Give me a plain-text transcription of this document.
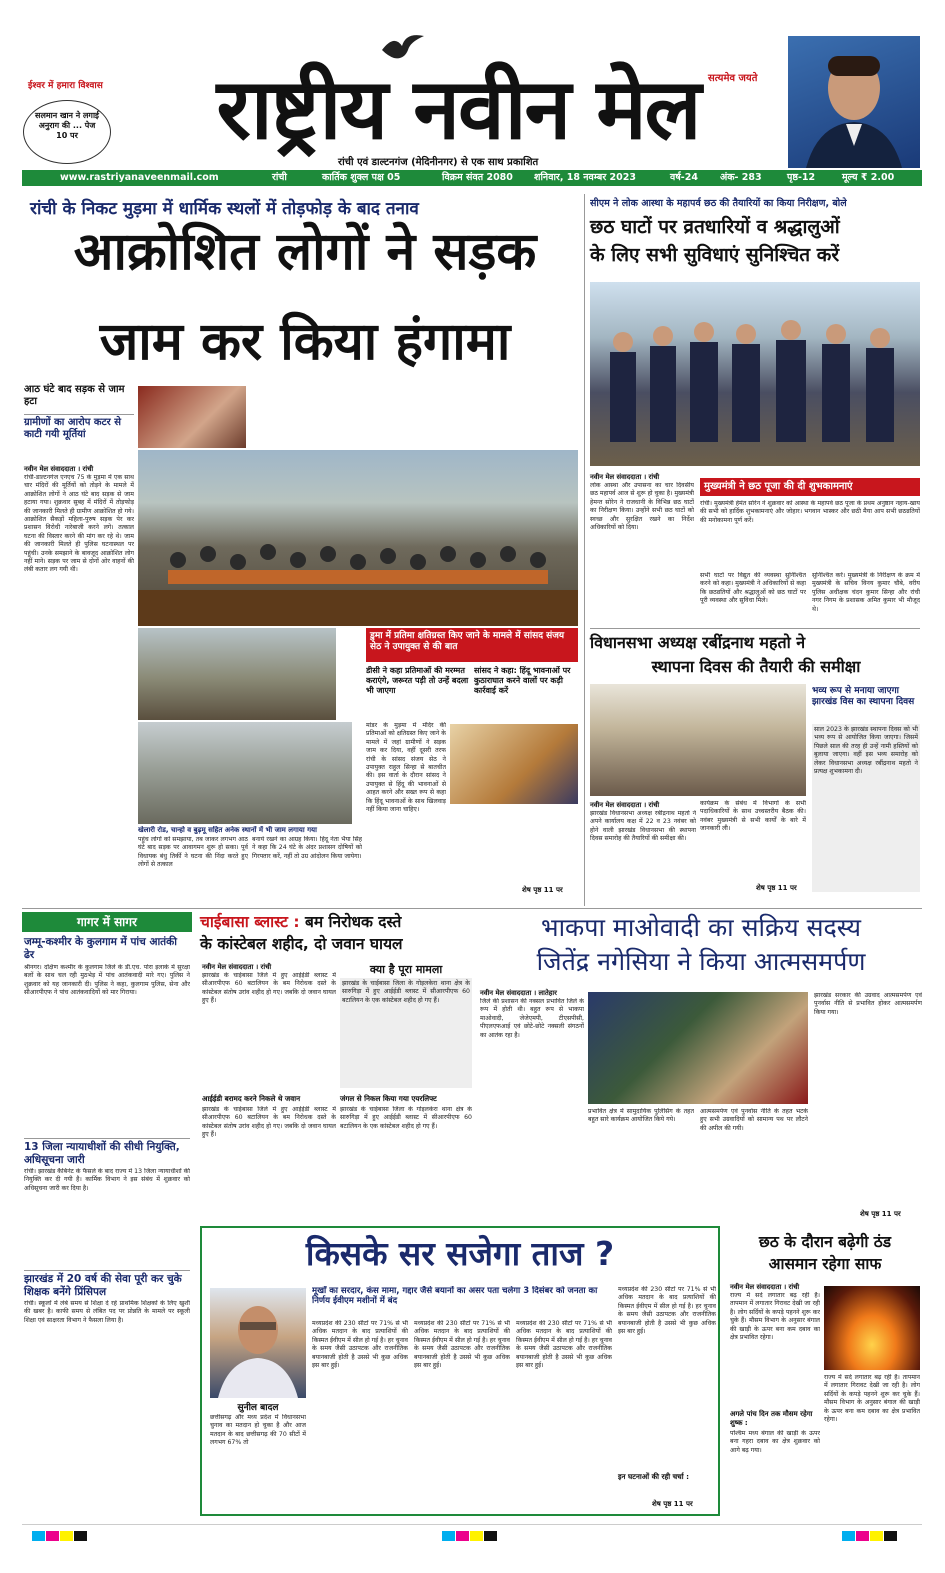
सलमान खान ने लगाई अनुराग की ... पेज 10 पर
ईश्वर में हमारा विश्वास	राष्ट्रीय नवीन मेल सत्यमेव जयते
रांची एवं डाल्टनगंज (मेदिनीनगर) से एक साथ प्रकाशित
www.rastriyanaveenmail.com	रांची	कार्तिक शुक्ल पक्ष 05	विक्रम संवत 2080 शनिवार, 18 नवम्बर 2023	वर्ष-24 अंक- 283	पृष्ठ-12	मूल्य ₹ 2.00
रांची के निकट मुड़मा में धार्मिक स्थलों में तोड़फोड़ के बाद तनाव
आक्रोशित लोगों ने सड़क
जाम कर किया हंगामा
आठ घंटे बाद सड़क से जाम हटा
ग्रामीणों का आरोप कटर से काटी गयी मूर्तियां
नवीन मेल संवाददाता । रांची
रांची-डाल्टनगंज एनएच 75 के मुड़मा में एक साथ चार मंदिरों की मूर्तियों को तोड़ने के मामले में आक्रोशित लोगों ने आठ घंटे बाद सड़क से जाम हटाया गया। शुक्रवार सुबह में मंदिरों में तोड़फोड़ की जानकारी मिलते ही ग्रामीण आक्रोशित हो गये। आक्रोशित सैकड़ों महिला-पुरुष सड़क पेर कर प्रशासन विरोधी नारेबाजी करने लगे। तत्काल घटना की विस्तार करने की मांग कर रहे थे। जाम की जानकारी मिलते ही पुलिस घटनास्थल पर पहुंची। उनके समझाने के बावजूद आक्रोशित लोग नहीं माने। सड़क पर जाम से दोनों ओर वाहनों की लंबी कतार लग गयी थी।
खेलारी रोड, चान्हो व बुढ़मू सहित अनेक स्थानों में भी जाम लगाया गया
पहुंच लोगों को समझाया, तब जाकर लगभग आठ घंटे बाद सड़क पर आवागमन शुरू हो सका। पूर्व विधायक बंधु तिर्की ने घटना की निंदा करते हुए लोगों से तत्काल
बनाये रखने का आग्रह किया। हिंदू नेता भैया सिंह ने कहा कि 24 घंटे के अंदर प्रशासन दोषियों को गिरफ्तार करें, नहीं तो उग्र आंदोलन किया जायेगा।
डुमा में प्रतिमा क्षतिग्रस्त किए जाने के मामले में सांसद संजय सेठ ने उपायुक्त से की बात
डीसी ने कहा प्रतिमाओं की मरम्मत कराएंगे, जरूरत पड़ी तो उन्हें बदला भी जाएगा
सांसद ने कहा: हिंदू भावनाओं पर कुठाराघात करने वालों पर कड़ी कार्रवाई करें
मांडर के मुड़मा में मंदिर की प्रतिमाओं को क्षतिग्रस्त किए जाने के मामले में जहां ग्रामीणों ने सड़क जाम कर दिया, वहीं दूसरी तरफ रांची के सांसद संजय सेठ ने उपायुक्त राहुल सिन्हा से बातचीत की। इस वार्ता के दौरान सांसद ने उपायुक्त से हिंदू की भावनाओं से आहत करने और सख्त रूप से कहा कि हिंदू भावनाओं के साथ खिलवाड़ नहीं किया जाना चाहिए।
शेष पृष्ठ 11 पर
सीएम ने लोक आस्था के महापर्व छठ की तैयारियों का किया निरीक्षण, बोले
छठ घाटों पर व्रतधारियों व श्रद्धालुओं
के लिए सभी सुविधाएं सुनिश्चित करें
नवीन मेल संवाददाता । रांची
लोक आस्था और उपासना का चार दिवसीय छठ महापर्व आज से शुरू हो चुका है। मुख्यमंत्री हेमन्त सोरेन ने राजधानी के विभिन्न छठ घाटों का निरीक्षण किया। उन्होंने सभी छठ घाटों को स्वच्छ और सुरक्षित रखने का निर्देश अधिकारियों को दिया।
मुख्यमंत्री ने छठ पूजा की दी शुभकामनाएं
रांची। मुख्यमंत्री हेमंत सोरेन ने शुक्रवार को आस्था के महापर्व छठ पूजा के प्रथम अनुष्ठान नहाय-खाय की सभी को हार्दिक शुभकामनाएं और जोहार। भगवान भास्कर और छठी मैया आप सभी छठव्रतियों की मनोकामना पूर्ण करें।
सभी घाटों पर विद्युत की व्यवस्था सुनिश्चित करने को कहा। मुख्यमंत्री ने अधिकारियों से कहा कि छठव्रतियों और श्रद्धालुओं को छठ घाटों पर पूरी व्यवस्था और सुविधा मिले।
सुनिश्चित करें। मुख्यमंत्री के निरीक्षण के क्रम में मुख्यमंत्री के सचिव विनय कुमार चौबे, वरीय पुलिस अधीक्षक चंदन कुमार सिन्हा और रांची नगर निगम के प्रशासक अमित कुमार भी मौजूद थे।
विधानसभा अध्यक्ष रबींद्रनाथ महतो ने
स्थापना दिवस की तैयारी की समीक्षा
भव्य रूप से मनाया जाएगा झारखंड विस का स्थापना दिवस
साल 2023 के झारखंड स्थापना दिवस को भी भव्य रूप से आयोजित किया जाएगा। जिसमें पिछले साल की तरह ही उन्हें नामी हस्तियों को बुलाया जाएगा। वहीं इस भव्य समारोह को लेकर विधानसभा अध्यक्ष रबींद्रनाथ महतो ने प्रत्यक्ष शुभकामना दी।
नवीन मेल संवाददाता । रांची
झारखंड विधानसभा अध्यक्ष रबींद्रनाथ महतो ने अपने कार्यालय कक्ष में 22 व 23 नवंबर को होने वाली झारखंड विधानसभा की स्थापना दिवस समारोह की तैयारियों की समीक्षा की।
कार्यक्रम के संबंध में विभागों के सभी पदाधिकारियों के साथ उच्चस्तरीय बैठक की। नवंबर मुख्यमंत्री से सभी कार्यों के बारे में जानकारी ली।
शेष पृष्ठ 11 पर
गागर में सागर
जम्मू-कश्मीर के कुलगाम में पांच आतंकी ढेर
श्रीनगर। दक्षिण कश्मीर के कुलगाम जिले के डी.एच. पोरा इलाके में सुरक्षा बलों के साथ चल रही मुठभेड़ में पांच आतंकवादी मारे गए। पुलिस ने शुक्रवार को यह जानकारी दी। पुलिस ने कहा, कुलगाम पुलिस, सेना और सीआरपीएफ ने पांच आतंकवादियों को मार गिराया।
13 जिला न्यायाधीशों की सीधी नियुक्ति, अधिसूचना जारी
रांची। झारखंड कैबिनेट के फैसले के बाद राज्य में 13 जिला न्यायाधीशों की नियुक्ति कर दी गयी है। कार्मिक विभाग ने इस संबंध में शुक्रवार को अधिसूचना जारी कर दिया है।
झारखंड में 20 वर्ष की सेवा पूरी कर चुके शिक्षक बनेंगे प्रिंसिपल
रांची। स्कूलों में लंबे समय से शिक्षा दे रहे प्राथमिक शिक्षकों के लिए खुशी की खबर है। काफी समय से लंबित पद पर प्रोन्नति के मामले पर स्कूली शिक्षा एवं साक्षरता विभाग ने फैसला लिया है।
चाईबासा ब्लास्ट : बम निरोधक दस्ते
के कांस्टेबल शहीद, दो जवान घायल
नवीन मेल संवाददाता । रांची
झारखंड के चाईबासा जिले में हुए आईईडी ब्लास्ट में सीआरपीएफ 60 बटालियन के बम निरोधक दस्ते के कांस्टेबल संतोष उरांव शहीद हो गए। जबकि दो जवान घायल हुए हैं।
आईईडी बरामद करने निकले थे जवान
झारखंड के चाईबासा जिले में हुए आईईडी ब्लास्ट में सीआरपीएफ 60 बटालियन के बम निरोधक दस्ते के कांस्टेबल संतोष उरांव शहीद हो गए। जबकि दो जवान घायल हुए हैं।
क्या है पूरा मामला
झारखंड के चाईबासा जिला के गोइलकेरा थाना क्षेत्र के सारुगिड़ा में हुए आईईडी ब्लास्ट में सीआरपीएफ 60 बटालियन के एक कांस्टेबल शहीद हो गए हैं।
जंगल से निकल किया गया एयरलिफ्ट
झारखंड के चाईबासा जिला के गोइलकेरा थाना क्षेत्र के सारुगिड़ा में हुए आईईडी ब्लास्ट में सीआरपीएफ 60 बटालियन के एक कांस्टेबल शहीद हो गए हैं।
भाकपा माओवादी का सक्रिय सदस्य
जितेंद्र नगेसिया ने किया आत्मसमर्पण
नवीन मेल संवाददाता । लातेहार
जिले की प्रशासन की नक्सल प्रभावित जिले के रूप में होती थी। बहुत रूप से भाकपा माओवादी, जेजेएमपी, टीएसपीसी, पीएलएफआई एवं छोटे-छोटे नक्सली संगठनों का आतंक रहा है।
प्रभावित क्षेत्र में सामुदायिक पुलिसिंग के तहत बहुत सारे कार्यक्रम आयोजित किये गये।
आत्मसमर्पण एवं पुनर्वास नीति के तहत भटके हुए सभी उग्रवादियों को सामान्य पथ पर लौटने की अपील की गयी।
झारखंड सरकार की उग्रवाद आत्मसमर्पण एवं पुनर्वास नीति से प्रभावित होकर आत्मसमर्पण किया गया।
शेष पृष्ठ 11 पर
किसके सर सजेगा ताज ?
सुनील बादल
छत्तीसगढ़ और मध्य प्रदेश में विधानसभा चुनाव का मतदान हो चुका है और आज मतदान के बाद छत्तीसगढ़ की 70 सीटों में लगभग 67% तो
मूर्खों का सरदार, कंस मामा, गद्दार जैसे बयानों का असर पता चलेगा 3 दिसंबर को जनता का निर्णय ईवीएम मशीनों में बंद
मध्यप्रदेश की 230 सीटों पर 71% से भी अधिक मतदान के बाद प्रत्याशियों की किस्मत ईवीएम में सील हो गई है। हर चुनाव के समय जैसी उठापटक और राजनीतिक बयानबाजी होती है उससे भी कुछ अधिक इस बार हुई।
मध्यप्रदेश की 230 सीटों पर 71% से भी अधिक मतदान के बाद प्रत्याशियों की किस्मत ईवीएम में सील हो गई है। हर चुनाव के समय जैसी उठापटक और राजनीतिक बयानबाजी होती है उससे भी कुछ अधिक इस बार हुई।
मध्यप्रदेश की 230 सीटों पर 71% से भी अधिक मतदान के बाद प्रत्याशियों की किस्मत ईवीएम में सील हो गई है। हर चुनाव के समय जैसी उठापटक और राजनीतिक बयानबाजी होती है उससे भी कुछ अधिक इस बार हुई।
मध्यप्रदेश की 230 सीटों पर 71% से भी अधिक मतदान के बाद प्रत्याशियों की किस्मत ईवीएम में सील हो गई है। हर चुनाव के समय जैसी उठापटक और राजनीतिक बयानबाजी होती है उससे भी कुछ अधिक इस बार हुई।
इन घटनाओं की रही चर्चा :
शेष पृष्ठ 11 पर
छठ के दौरान बढ़ेगी ठंड
आसमान रहेगा साफ
नवीन मेल संवाददाता । रांची
राज्य में सर्द लगातार बढ़ रही है। तापमान में लगातार गिरावट देखी जा रही है। लोग सर्दियों के कपड़े पहनने शुरू कर चुके हैं। मौसम विभाग के अनुसार बंगाल की खाड़ी के ऊपर बना कम दबाव का क्षेत्र प्रभावित रहेगा।
राज्य में सर्द लगातार बढ़ रही है। तापमान में लगातार गिरावट देखी जा रही है। लोग सर्दियों के कपड़े पहनने शुरू कर चुके हैं। मौसम विभाग के अनुसार बंगाल की खाड़ी के ऊपर बना कम दबाव का क्षेत्र प्रभावित रहेगा।
अगले पांच दिन तक मौसम रहेगा शुष्क :
पश्चिम मध्य बंगाल की खाड़ी के ऊपर बना गहरा दबाव का क्षेत्र शुक्रवार को आगे बढ़ गया।
